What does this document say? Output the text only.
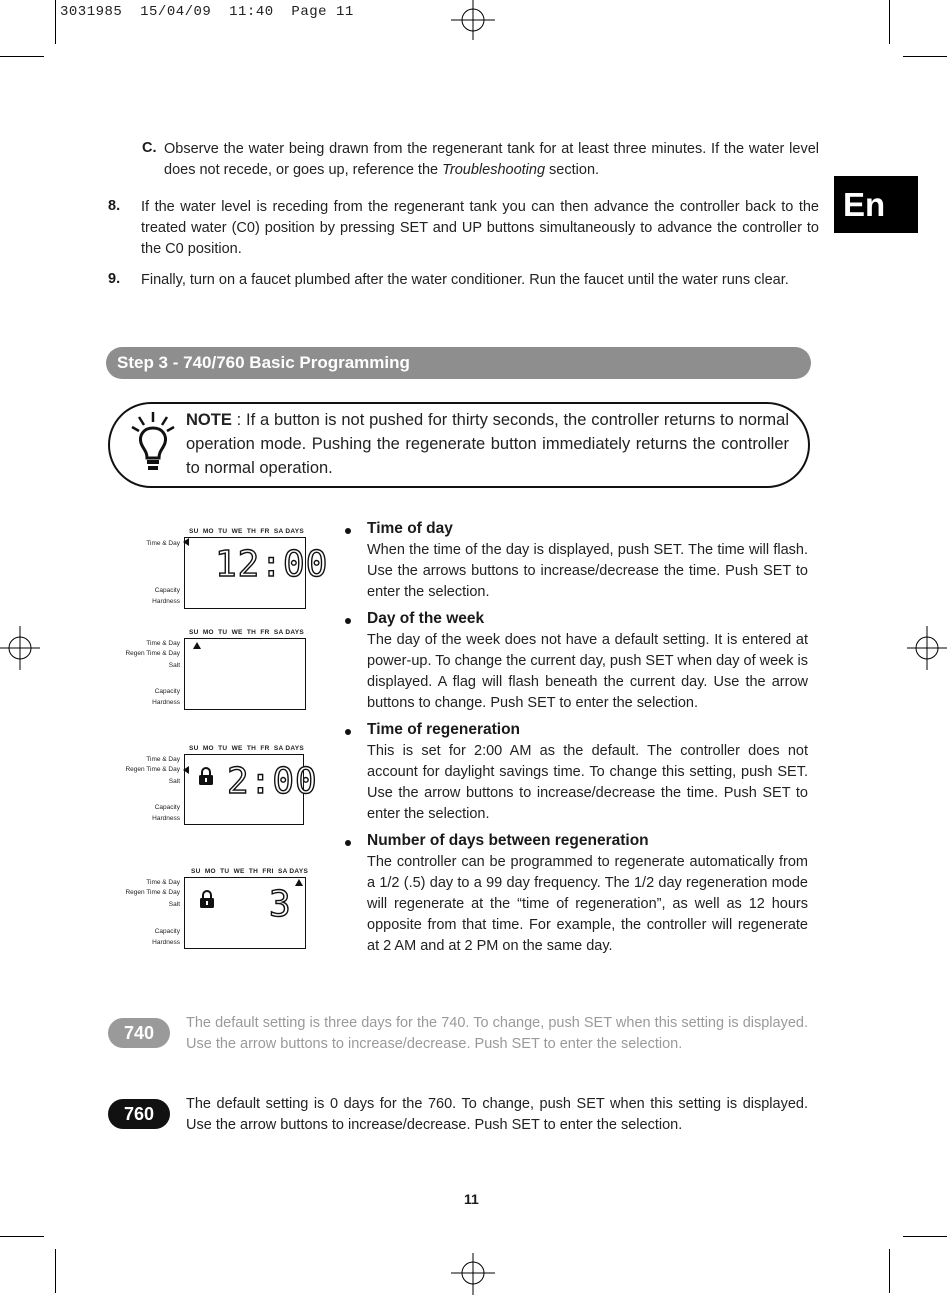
3031985  15/04/09  11:40  Page 11
En
C. Observe the water being drawn from the regenerant tank for at least three minutes. If the water level does not recede, or goes up, reference the Troubleshooting section.
8. If the water level is receding from the regenerant tank you can then advance the controller back to the treated water (C0) position by pressing SET and UP buttons simultaneously to advance the controller to the C0 position.
9. Finally, turn on a faucet plumbed after the water conditioner. Run the faucet until the water runs clear.
Step 3 - 740/760 Basic Programming
NOTE : If a button is not pushed for thirty seconds, the controller returns to normal operation mode. Pushing the regenerate button immediately returns the controller to normal operation.
12:00
SU  MO  TU  WE  TH  FR  SA DAYS
Time & Day
Capacity
Hardness
SU  MO  TU  WE  TH  FR  SA DAYS
Time & Day
Regen Time & Day
Salt
Capacity
Hardness
2:00
SU  MO  TU  WE  TH  FR  SA DAYS
Time & Day
Regen Time & Day
Salt
Capacity
Hardness
3
SU  MO  TU  WE  TH  FRI  SA DAYS
Time & Day
Regen Time & Day
Salt
Capacity
Hardness
Time of day
When the time of the day is displayed, push SET. The time will flash. Use the arrows buttons to increase/decrease the time. Push SET to enter the selection.
Day of the week
The day of the week does not have a default setting. It is entered at power-up. To change the current day, push SET when day of week is displayed. A flag will flash beneath the current day. Use the arrow buttons to change. Push SET to enter the selection.
Time of regeneration
This is set for 2:00 AM as the default. The controller does not account for daylight savings time. To change this setting, push SET. Use the arrow buttons to increase/decrease the time. Push SET to enter the selection.
Number of days between regeneration
The controller can be programmed to regenerate automatically from a 1/2 (.5) day to a 99 day frequency. The 1/2 day regeneration mode will regenerate at the “time of regeneration”, as well as 12 hours opposite from that time. For example, the controller will regenerate at 2 AM and at 2 PM on the same day.
740	The default setting is three days for the 740. To change, push SET when this setting is displayed. Use the arrow buttons to increase/decrease. Push SET to enter the selection.
760	The default setting is 0 days for the 760. To change, push SET when this setting is displayed. Use the arrow buttons to increase/decrease. Push SET to enter the selection.
11
